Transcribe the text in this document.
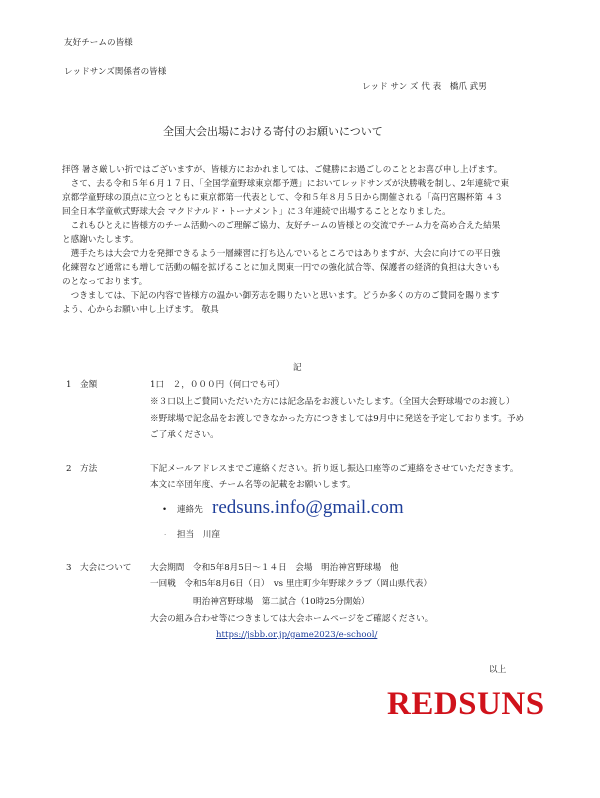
友好チームの皆様
レッドサンズ関係者の皆様
レッド サン ズ 代 表　橋爪 武男
全国大会出場における寄付のお願いについて
拝啓 暑さ厳しい折ではございますが、皆様方におかれましては、ご健勝にお過ごしのこととお喜び申し上げます。
　さて、去る令和５年６月１７日、「全国学童野球東京都予選」においてレッドサンズが決勝戦を制し、2年連続で東
京都学童野球の頂点に立つとともに東京都第一代表として、令和５年８月５日から開催される「高円宮賜杯第 ４３
回全日本学童軟式野球大会 マクドナルド・トーナメント」に３年連続で出場することとなりました。
　これもひとえに皆様方のチーム活動へのご理解ご協力、友好チームの皆様との交流でチーム力を高め合えた結果
と感謝いたします。
　選手たちは大会で力を発揮できるよう一層練習に打ち込んでいるところではありますが、大会に向けての平日強
化練習など通常にも増して活動の幅を拡げることに加え関東一円での強化試合等、保護者の経済的負担は大きいも
のとなっております。
　つきましては、下記の内容で皆様方の温かい御芳志を賜りたいと思います。どうか多くの方のご賛同を賜ります
よう、心からお願い申し上げます。 敬具
記
1　金額	1口　２，０００円（何口でも可）
※３口以上ご賛同いただいた方には記念品をお渡しいたします。（全国大会野球場でのお渡し）
※野球場で記念品をお渡しできなかった方につきましては9月中に発送を予定しております。予め
ご了承ください。
2　方法	下記メールアドレスまでご連絡ください。折り返し振込口座等のご連絡をさせていただきます。
本文に卒団年度、チーム名等の記載をお願いします。
• 連絡先 redsuns.info@gmail.com
. 担当　川窪
3　大会について 大会期間　令和5年8月5日～１４日　会場　明治神宮野球場　他
一回戦　令和5年8月6日（日）　vs 里庄町少年野球クラブ（岡山県代表）
明治神宮野球場　第二試合（10時25分開始）
大会の組み合わせ等につきましては大会ホームページをご確認ください。
https://jsbb.or.jp/game2023/e-school/
以上
REDSUNS
